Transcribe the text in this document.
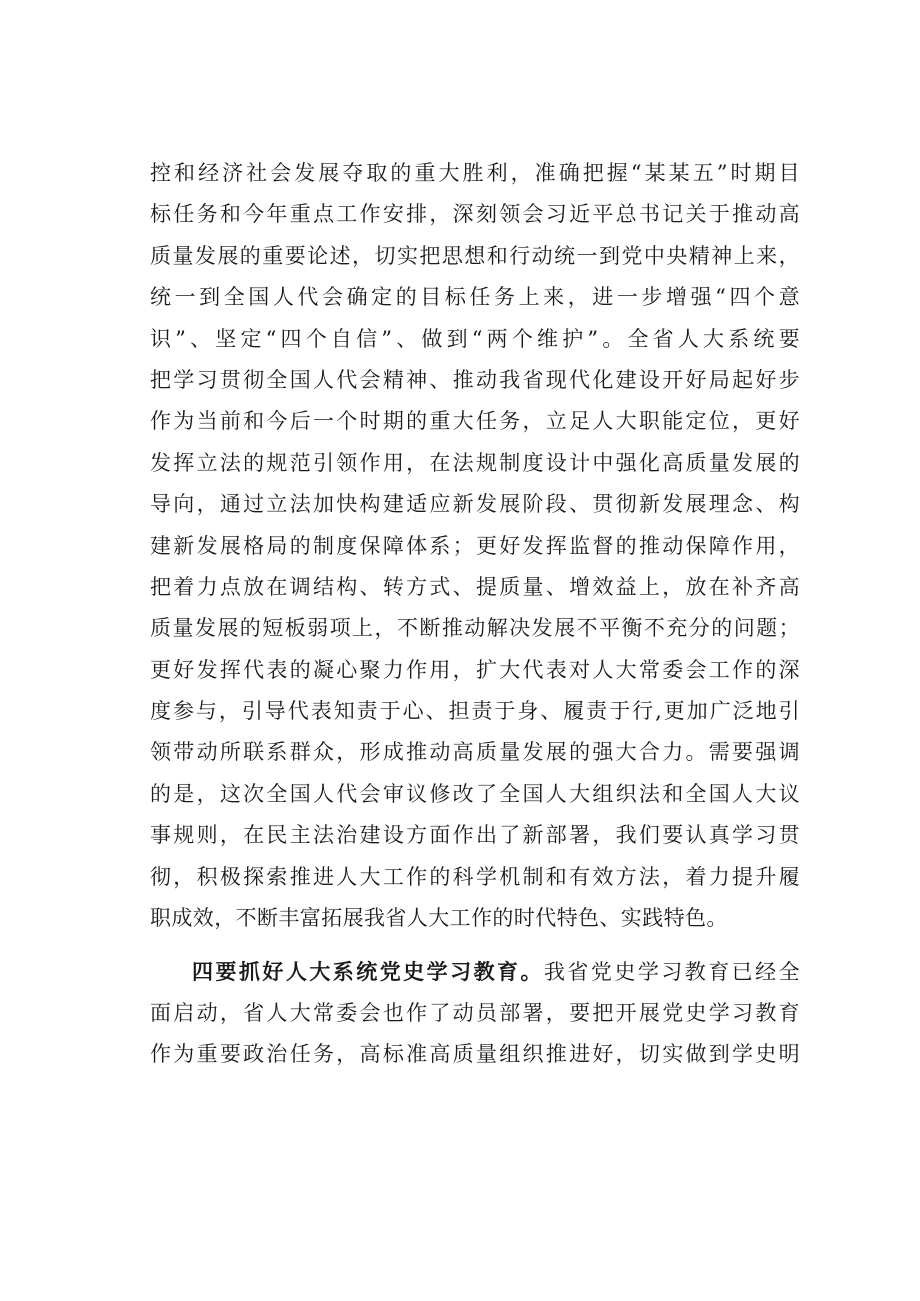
控和经济社会发展夺取的重大胜利，准确把握“某某五”时期目
标任务和今年重点工作安排，深刻领会习近平总书记关于推动高
质量发展的重要论述，切实把思想和行动统一到党中央精神上来，
统一到全国人代会确定的目标任务上来，进一步增强“四个意
识”、坚定“四个自信”、做到“两个维护”。全省人大系统要
把学习贯彻全国人代会精神、推动我省现代化建设开好局起好步
作为当前和今后一个时期的重大任务，立足人大职能定位，更好
发挥立法的规范引领作用，在法规制度设计中强化高质量发展的
导向，通过立法加快构建适应新发展阶段、贯彻新发展理念、构
建新发展格局的制度保障体系；更好发挥监督的推动保障作用，
把着力点放在调结构、转方式、提质量、增效益上，放在补齐高
质量发展的短板弱项上，不断推动解决发展不平衡不充分的问题；
更好发挥代表的凝心聚力作用，扩大代表对人大常委会工作的深
度参与，引导代表知责于心、担责于身、履责于行,更加广泛地引
领带动所联系群众，形成推动高质量发展的强大合力。需要强调
的是，这次全国人代会审议修改了全国人大组织法和全国人大议
事规则，在民主法治建设方面作出了新部署，我们要认真学习贯
彻，积极探索推进人大工作的科学机制和有效方法，着力提升履
职成效，不断丰富拓展我省人大工作的时代特色、实践特色。
四要抓好人大系统党史学习教育。我省党史学习教育已经全
面启动，省人大常委会也作了动员部署，要把开展党史学习教育
作为重要政治任务，高标准高质量组织推进好，切实做到学史明
